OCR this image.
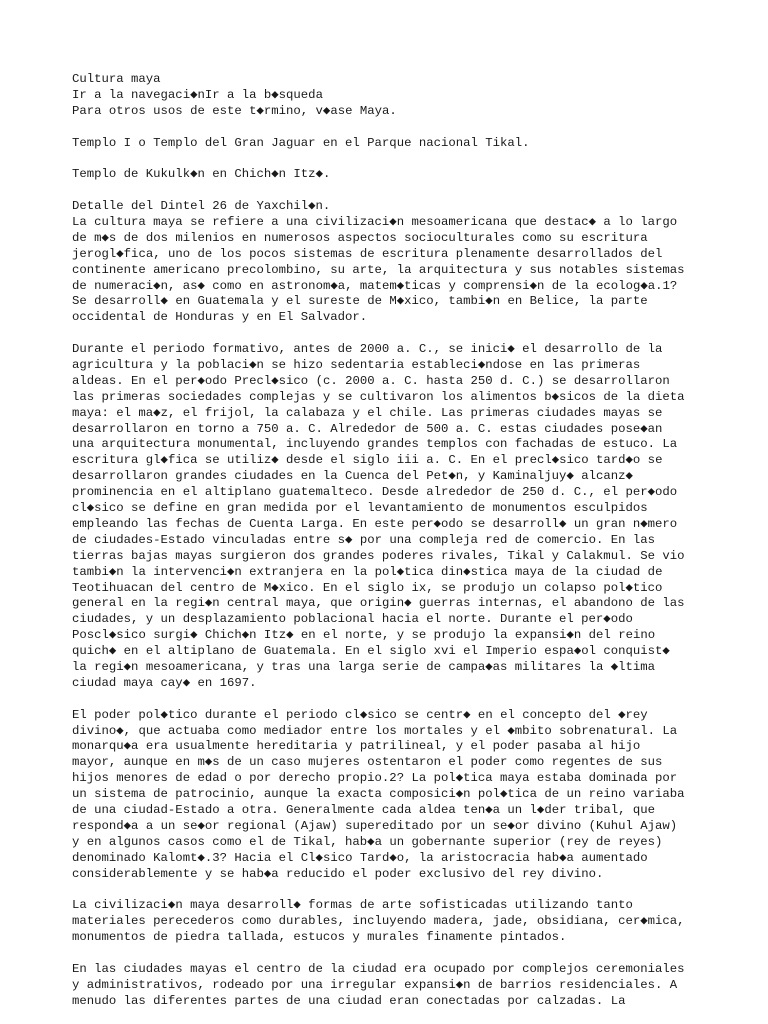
Cultura maya
Ir a la navegaci◆nIr a la b◆squeda
Para otros usos de este t◆rmino, v◆ase Maya.
Templo I o Templo del Gran Jaguar en el Parque nacional Tikal.
Templo de Kukulk◆n en Chich◆n Itz◆.
Detalle del Dintel 26 de Yaxchil◆n.
La cultura maya se refiere a una civilizaci◆n mesoamericana que destac◆ a lo largo
de m◆s de dos milenios en numerosos aspectos socioculturales como su escritura
jerogl◆fica, uno de los pocos sistemas de escritura plenamente desarrollados del
continente americano precolombino, su arte, la arquitectura y sus notables sistemas
de numeraci◆n, as◆ como en astronom◆a, matem◆ticas y comprensi◆n de la ecolog◆a.1?
Se desarroll◆ en Guatemala y el sureste de M◆xico, tambi◆n en Belice, la parte
occidental de Honduras y en El Salvador.
Durante el periodo formativo, antes de 2000 a. C., se inici◆ el desarrollo de la
agricultura y la poblaci◆n se hizo sedentaria estableci◆ndose en las primeras
aldeas. En el per◆odo Precl◆sico (c. 2000 a. C. hasta 250 d. C.) se desarrollaron
las primeras sociedades complejas y se cultivaron los alimentos b◆sicos de la dieta
maya: el ma◆z, el frijol, la calabaza y el chile. Las primeras ciudades mayas se
desarrollaron en torno a 750 a. C. Alrededor de 500 a. C. estas ciudades pose◆an
una arquitectura monumental, incluyendo grandes templos con fachadas de estuco. La
escritura gl◆fica se utiliz◆ desde el siglo iii a. C. En el precl◆sico tard◆o se
desarrollaron grandes ciudades en la Cuenca del Pet◆n, y Kaminaljuy◆ alcanz◆
prominencia en el altiplano guatemalteco. Desde alrededor de 250 d. C., el per◆odo
cl◆sico se define en gran medida por el levantamiento de monumentos esculpidos
empleando las fechas de Cuenta Larga. En este per◆odo se desarroll◆ un gran n◆mero
de ciudades-Estado vinculadas entre s◆ por una compleja red de comercio. En las
tierras bajas mayas surgieron dos grandes poderes rivales, Tikal y Calakmul. Se vio
tambi◆n la intervenci◆n extranjera en la pol◆tica din◆stica maya de la ciudad de
Teotihuacan del centro de M◆xico. En el siglo ix, se produjo un colapso pol◆tico
general en la regi◆n central maya, que origin◆ guerras internas, el abandono de las
ciudades, y un desplazamiento poblacional hacia el norte. Durante el per◆odo
Poscl◆sico surgi◆ Chich◆n Itz◆ en el norte, y se produjo la expansi◆n del reino
quich◆ en el altiplano de Guatemala. En el siglo xvi el Imperio espa◆ol conquist◆
la regi◆n mesoamericana, y tras una larga serie de campa◆as militares la ◆ltima
ciudad maya cay◆ en 1697.
El poder pol◆tico durante el periodo cl◆sico se centr◆ en el concepto del ◆rey
divino◆, que actuaba como mediador entre los mortales y el ◆mbito sobrenatural. La
monarqu◆a era usualmente hereditaria y patrilineal, y el poder pasaba al hijo
mayor, aunque en m◆s de un caso mujeres ostentaron el poder como regentes de sus
hijos menores de edad o por derecho propio.2? La pol◆tica maya estaba dominada por
un sistema de patrocinio, aunque la exacta composici◆n pol◆tica de un reino variaba
de una ciudad-Estado a otra. Generalmente cada aldea ten◆a un l◆der tribal, que
respond◆a a un se◆or regional (Ajaw) supereditado por un se◆or divino (Kuhul Ajaw)
y en algunos casos como el de Tikal, hab◆a un gobernante superior (rey de reyes)
denominado Kalomt◆.3? Hacia el Cl◆sico Tard◆o, la aristocracia hab◆a aumentado
considerablemente y se hab◆a reducido el poder exclusivo del rey divino.
La civilizaci◆n maya desarroll◆ formas de arte sofisticadas utilizando tanto
materiales perecederos como durables, incluyendo madera, jade, obsidiana, cer◆mica,
monumentos de piedra tallada, estucos y murales finamente pintados.
En las ciudades mayas el centro de la ciudad era ocupado por complejos ceremoniales
y administrativos, rodeado por una irregular expansi◆n de barrios residenciales. A
menudo las diferentes partes de una ciudad eran conectadas por calzadas. La
